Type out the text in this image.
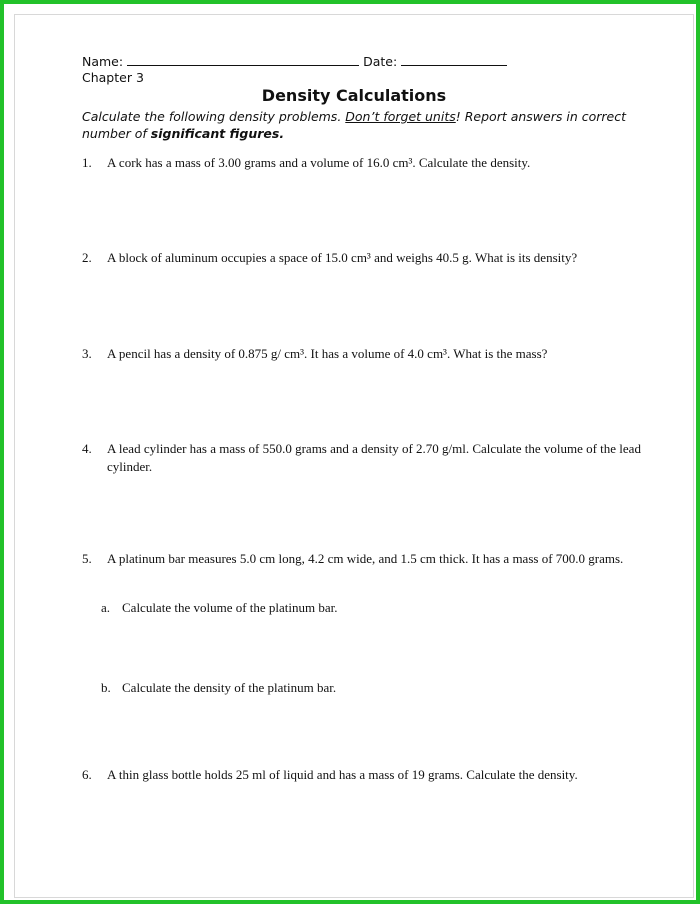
Name:	Date:
Chapter 3
Density Calculations
Calculate the following density problems. Don’t forget units! Report answers in correct number of significant figures.
1. A cork has a mass of 3.00 grams and a volume of 16.0 cm³. Calculate the density.
2. A block of aluminum occupies a space of 15.0 cm³ and weighs 40.5 g. What is its density?
3. A pencil has a density of 0.875 g/ cm³. It has a volume of 4.0 cm³. What is the mass?
4. A lead cylinder has a mass of 550.0 grams and a density of 2.70 g/ml. Calculate the volume of the lead cylinder.
5. A platinum bar measures 5.0 cm long, 4.2 cm wide, and 1.5 cm thick. It has a mass of 700.0 grams.
a. Calculate the volume of the platinum bar.
b. Calculate the density of the platinum bar.
6. A thin glass bottle holds 25 ml of liquid and has a mass of 19 grams. Calculate the density.
